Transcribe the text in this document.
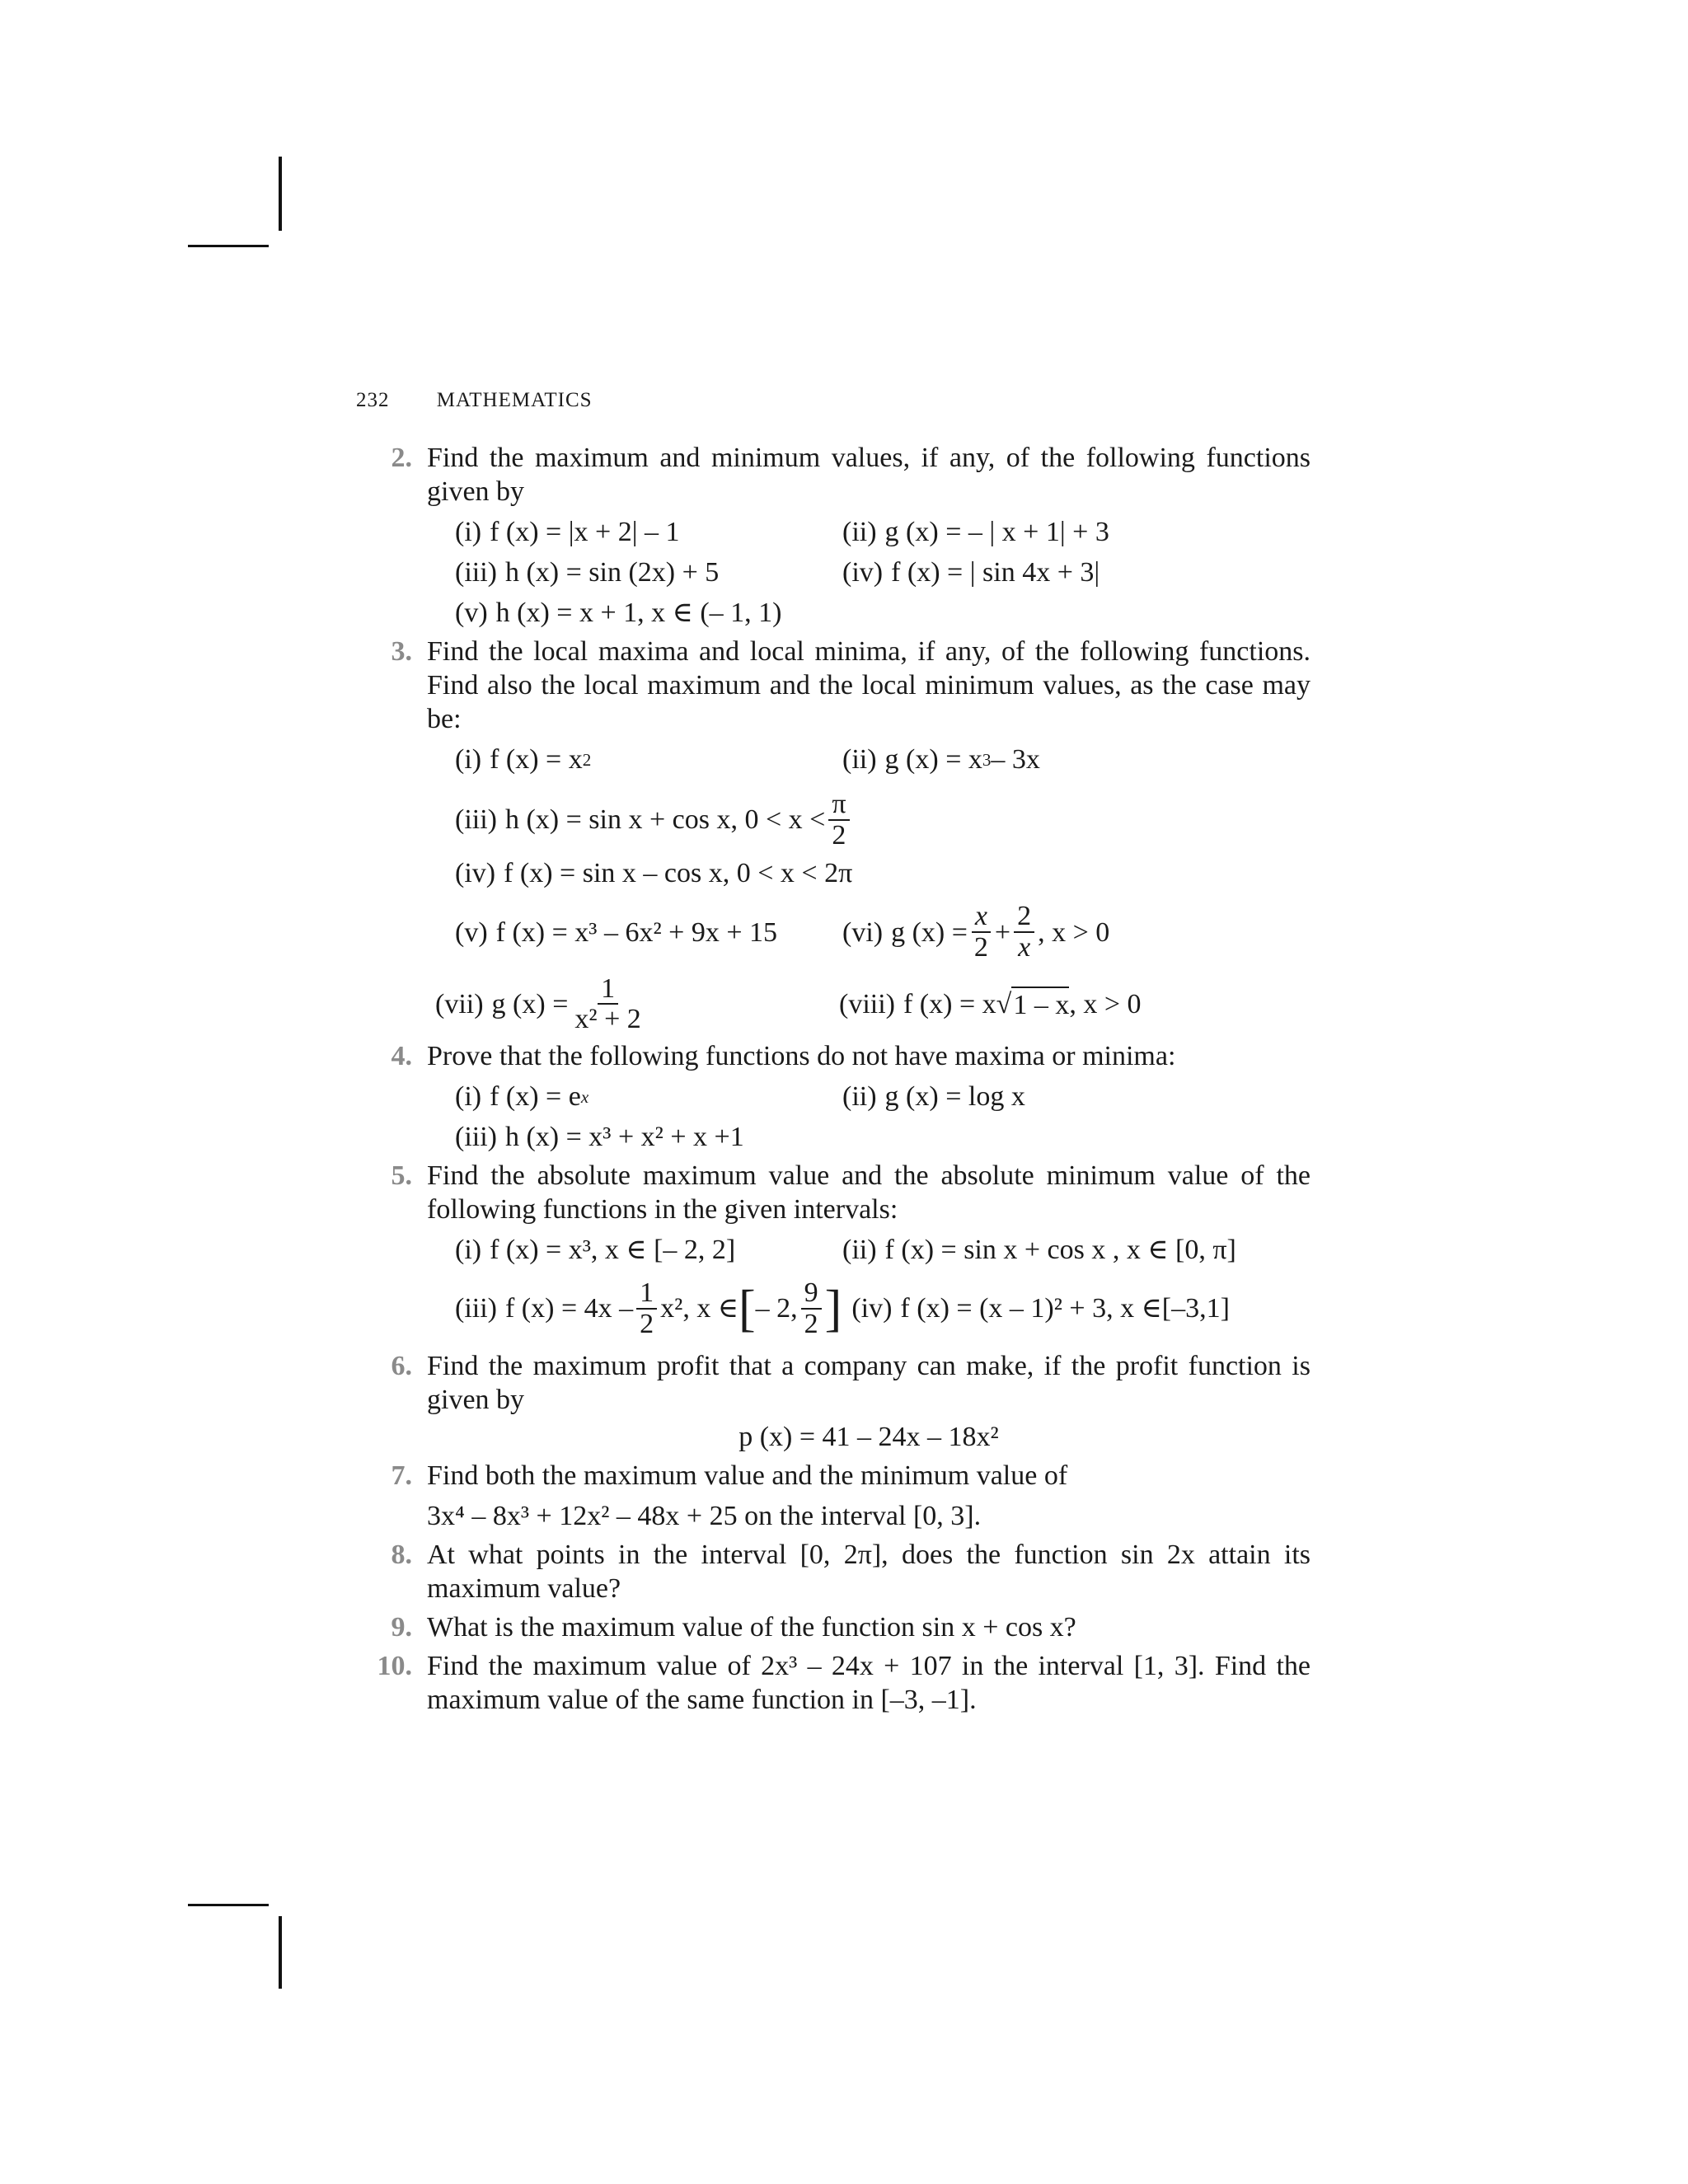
232 MATHEMATICS
2. Find the maximum and minimum values, if any, of the following functions given by
(i) f (x) = |x + 2| – 1	(ii) g (x) = – | x + 1| + 3
(iii) h (x) = sin (2x) + 5	(iv) f (x) = | sin 4x + 3|
(v) h (x) = x + 1, x ∈ (– 1, 1)
3. Find the local maxima and local minima, if any, of the following functions. Find also the local maximum and the local minimum values, as the case may be:
(i) f (x) = x 2	(ii) g (x) = x 3 – 3x
(iii) h (x) = sin x + cos x, $0 < x < \frac{\pi}{2}$
(iv) f (x) = sin x – cos x, 0 < x < 2π
(v) f (x) = x³ – 6x² + 9x + 15 (vi) g $(x) = \frac{x}{2} + \frac{2}{x}$ , x > 0
(vii) g $(x) = \frac{1}{\text{x² + 2}}$	(viii) f (x) = x √ 1 – x , x > 0
4. Prove that the following functions do not have maxima or minima:
(i) f (x) = e x	(ii) g (x) = log x
(iii) h (x) = x³ + x² + x +1
5. Find the absolute maximum value and the absolute minimum value of the following functions in the given intervals:
(i) f (x) = x³, x ∈ [– 2, 2]	(ii) f (x) = sin x + cos x , x ∈ [0, π]
(iii) f $(x) = 4x - \frac{1}{2} x^2$, x ∈ [ – 2, $\frac{9}{2}$ ] (iv) f (x) = (x – 1)² + 3, x ∈[–3,1]
6. Find the maximum profit that a company can make, if the profit function is given by
p (x) = 41 – 24x – 18x²
7. Find both the maximum value and the minimum value of
3x⁴ – 8x³ + 12x² – 48x + 25 on the interval [0, 3].
8. At what points in the interval [0, 2π], does the function sin 2x attain its maximum value?
9. What is the maximum value of the function sin x + cos x?
10. Find the maximum value of 2x³ – 24x + 107 in the interval [1, 3]. Find the maximum value of the same function in [–3, –1].
